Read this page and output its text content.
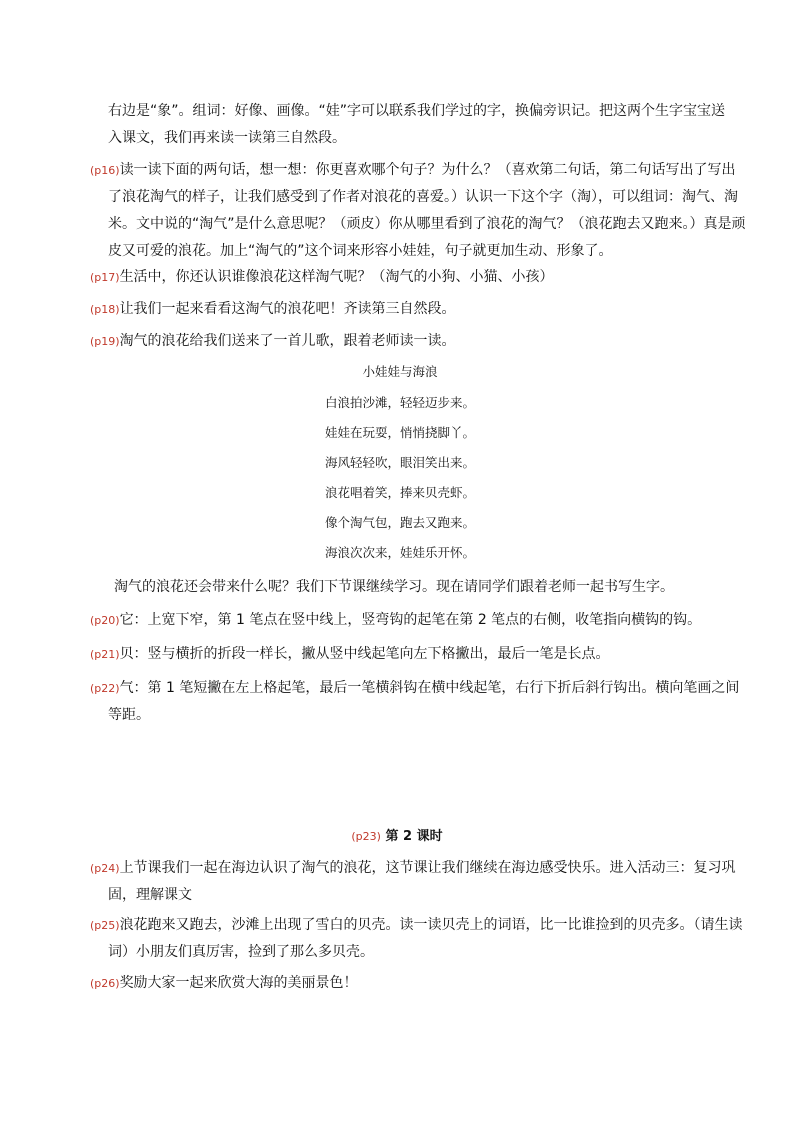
右边是“象”。组词：好像、画像。“娃”字可以联系我们学过的字，换偏旁识记。把这两个生字宝宝送入课文，我们再来读一读第三自然段。

(p16)读一读下面的两句话，想一想：你更喜欢哪个句子？为什么？（喜欢第二句话，第二句话写出了写出了浪花淘气的样子，让我们感受到了作者对浪花的喜爱。）认识一下这个字（淘），可以组词：淘气、淘米。文中说的“淘气”是什么意思呢？（顽皮）你从哪里看到了浪花的淘气？（浪花跑去又跑来。）真是顽皮又可爱的浪花。加上“淘气的”这个词来形容小娃娃，句子就更加生动、形象了。

(p17)生活中，你还认识谁像浪花这样淘气呢？（淘气的小狗、小猫、小孩）

(p18)让我们一起来看看这淘气的浪花吧！齐读第三自然段。

(p19)淘气的浪花给我们送来了一首儿歌，跟着老师读一读。

小娃娃与海浪
白浪拍沙滩，轻轻迈步来。
娃娃在玩耍，悄悄挠脚丫。
海风轻轻吹，眼泪笑出来。
浪花唱着笑，捧来贝壳虾。
像个淘气包，跑去又跑来。
海浪次次来，娃娃乐开怀。

淘气的浪花还会带来什么呢？我们下节课继续学习。现在请同学们跟着老师一起书写生字。

(p20)它：上宽下窄，第 1 笔点在竖中线上，竖弯钩的起笔在第 2 笔点的右侧，收笔指向横钩的钩。

(p21)贝：竖与横折的折段一样长，撇从竖中线起笔向左下格撇出，最后一笔是长点。

(p22)气：第 1 笔短撇在左上格起笔，最后一笔横斜钩在横中线起笔，右行下折后斜行钩出。横向笔画之间等距。

(p23) 第 2 课时

(p24)上节课我们一起在海边认识了淘气的浪花，这节课让我们继续在海边感受快乐。进入活动三：复习巩固，理解课文

(p25)浪花跑来又跑去，沙滩上出现了雪白的贝壳。读一读贝壳上的词语，比一比谁捡到的贝壳多。（请生读词）小朋友们真厉害，捡到了那么多贝壳。

(p26)奖励大家一起来欣赏大海的美丽景色！
